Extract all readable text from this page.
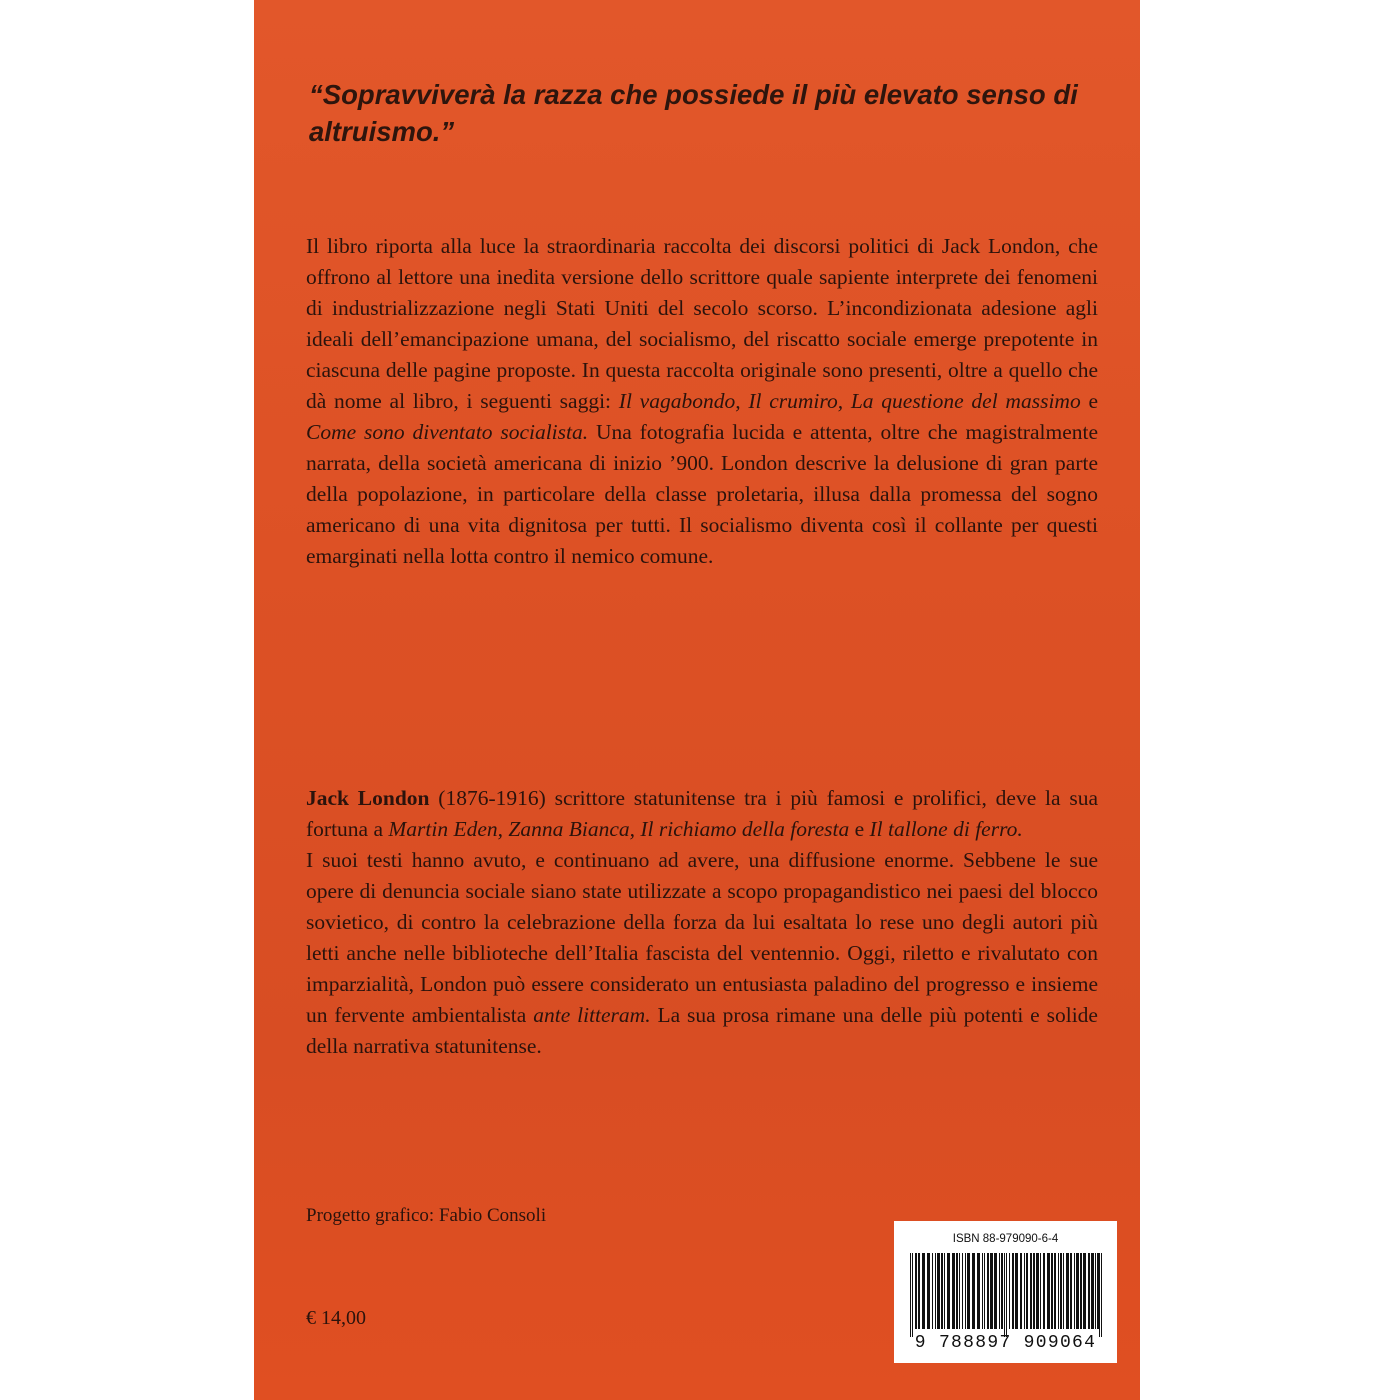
“Sopravviverà la razza che possiede il più elevato senso di altruismo.”

Il libro riporta alla luce la straordinaria raccolta dei discorsi politici di Jack London, che offrono al lettore una inedita versione dello scrittore quale sapiente interprete dei fenomeni di industrializzazione negli Stati Uniti del secolo scorso. L’incondizionata adesione agli ideali dell’emancipazione umana, del socialismo, del riscatto sociale emerge prepotente in ciascuna delle pagine proposte. In questa raccolta originale sono presenti, oltre a quello che dà nome al libro, i seguenti saggi: Il vagabondo, Il crumiro, La questione del massimo e Come sono diventato socialista. Una fotografia lucida e attenta, oltre che magistralmente narrata, della società americana di inizio ’900. London descrive la delusione di gran parte della popolazione, in particolare della classe proletaria, illusa dalla promessa del sogno americano di una vita dignitosa per tutti. Il socialismo diventa così il collante per questi emarginati nella lotta contro il nemico comune.

Jack London (1876-1916) scrittore statunitense tra i più famosi e prolifici, deve la sua fortuna a Martin Eden, Zanna Bianca, Il richiamo della foresta e Il tallone di ferro.
I suoi testi hanno avuto, e continuano ad avere, una diffusione enorme. Sebbene le sue opere di denuncia sociale siano state utilizzate a scopo propagandistico nei paesi del blocco sovietico, di contro la celebrazione della forza da lui esaltata lo rese uno degli autori più letti anche nelle biblioteche dell’Italia fascista del ventennio. Oggi, riletto e rivalutato con imparzialità, London può essere considerato un entusiasta paladino del progresso e insieme un fervente ambientalista ante litteram. La sua prosa rimane una delle più potenti e solide della narrativa statunitense.

Progetto grafico: Fabio Consoli

€ 14,00

ISBN 88-979090-6-4
9 788897 909064
